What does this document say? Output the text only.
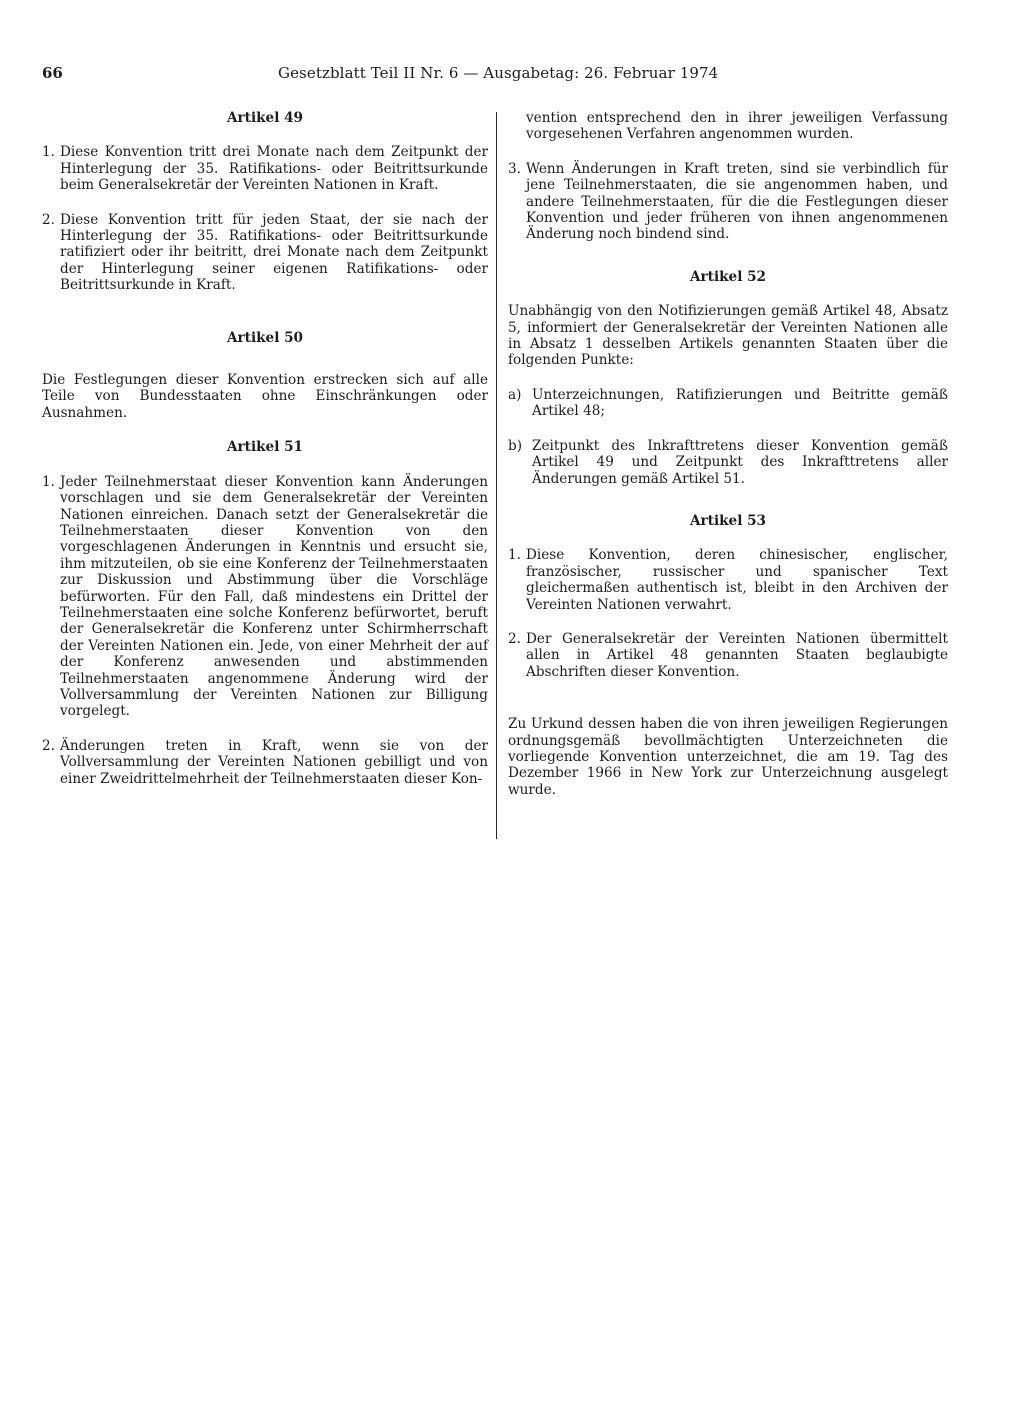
66	Gesetzblatt Teil II Nr. 6 — Ausgabetag: 26. Februar 1974

Artikel 49

1. Diese Konvention tritt drei Monate nach dem Zeitpunkt der Hinterlegung der 35. Ratifikations- oder Beitrittsurkunde beim Generalsekretär der Vereinten Nationen in Kraft.
2. Diese Konvention tritt für jeden Staat, der sie nach der Hinterlegung der 35. Ratifikations- oder Beitrittsurkunde ratifiziert oder ihr beitritt, drei Monate nach dem Zeitpunkt der Hinterlegung seiner eigenen Ratifikations- oder Beitrittsurkunde in Kraft.

Artikel 50

Die Festlegungen dieser Konvention erstrecken sich auf alle Teile von Bundesstaaten ohne Einschränkungen oder Ausnahmen.

Artikel 51

1. Jeder Teilnehmerstaat dieser Konvention kann Änderungen vorschlagen und sie dem Generalsekretär der Vereinten Nationen einreichen. Danach setzt der Generalsekretär die Teilnehmerstaaten dieser Konvention von den vorgeschlagenen Änderungen in Kenntnis und ersucht sie, ihm mitzuteilen, ob sie eine Konferenz der Teilnehmerstaaten zur Diskussion und Abstimmung über die Vorschläge befürworten. Für den Fall, daß mindestens ein Drittel der Teilnehmerstaaten eine solche Konferenz befürwortet, beruft der Generalsekretär die Konferenz unter Schirmherrschaft der Vereinten Nationen ein. Jede, von einer Mehrheit der auf der Konferenz anwesenden und abstimmenden Teilnehmerstaaten angenommene Änderung wird der Vollversammlung der Vereinten Nationen zur Billigung vorgelegt.
2. Änderungen treten in Kraft, wenn sie von der Vollversammlung der Vereinten Nationen gebilligt und von einer Zweidrittelmehrheit der Teilnehmerstaaten dieser Kon-
vention entsprechend den in ihrer jeweiligen Verfassung vorgesehenen Verfahren angenommen wurden.
3. Wenn Änderungen in Kraft treten, sind sie verbindlich für jene Teilnehmerstaaten, die sie angenommen haben, und andere Teilnehmerstaaten, für die die Festlegungen dieser Konvention und jeder früheren von ihnen angenommenen Änderung noch bindend sind.

Artikel 52

Unabhängig von den Notifizierungen gemäß Artikel 48, Absatz 5, informiert der Generalsekretär der Vereinten Nationen alle in Absatz 1 desselben Artikels genannten Staaten über die folgenden Punkte:

a) Unterzeichnungen, Ratifizierungen und Beitritte gemäß Artikel 48;
b) Zeitpunkt des Inkrafttretens dieser Konvention gemäß Artikel 49 und Zeitpunkt des Inkrafttretens aller Änderungen gemäß Artikel 51.

Artikel 53

1. Diese Konvention, deren chinesischer, englischer, französischer, russischer und spanischer Text gleichermaßen authentisch ist, bleibt in den Archiven der Vereinten Nationen verwahrt.
2. Der Generalsekretär der Vereinten Nationen übermittelt allen in Artikel 48 genannten Staaten beglaubigte Abschriften dieser Konvention.

Zu Urkund dessen haben die von ihren jeweiligen Regierungen ordnungsgemäß bevollmächtigten Unterzeichneten die vorliegende Konvention unterzeichnet, die am 19. Tag des Dezember 1966 in New York zur Unterzeichnung ausgelegt wurde.
